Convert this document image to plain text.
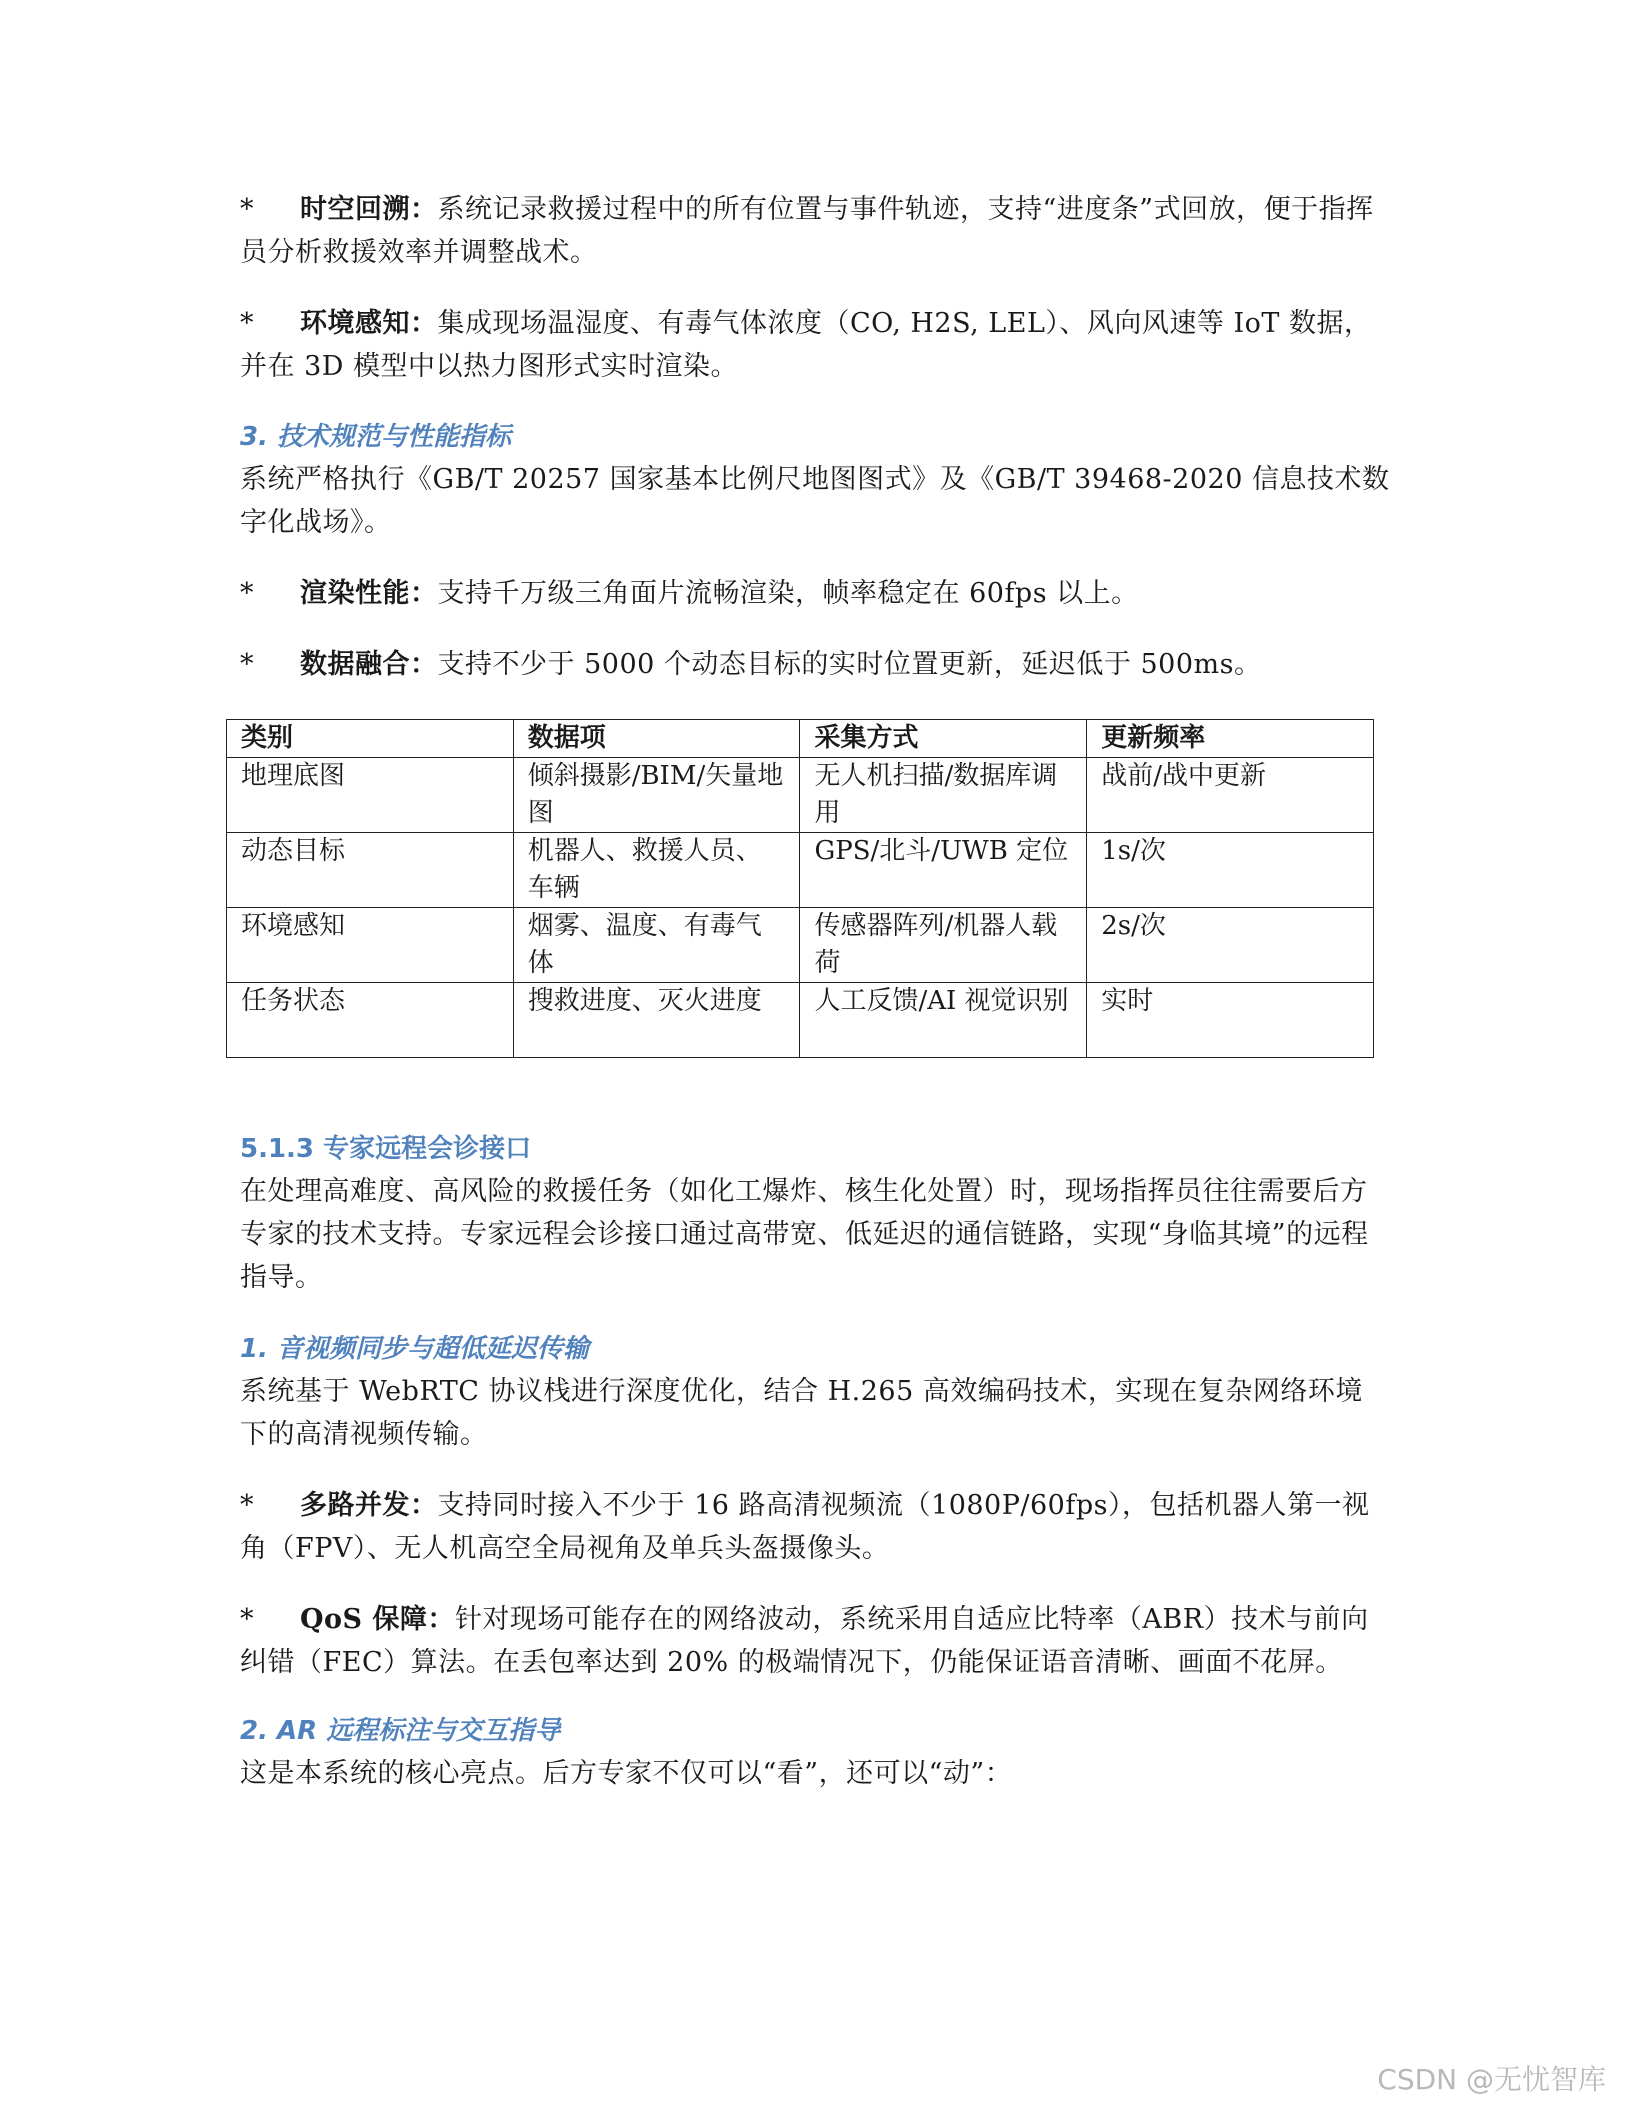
* 时空回溯：系统记录救援过程中的所有位置与事件轨迹，支持“进度条”式回放，便于指挥员分析救援效率并调整战术。

* 环境感知：集成现场温湿度、有毒气体浓度（CO, H2S, LEL）、风向风速等 IoT 数据，并在 3D 模型中以热力图形式实时渲染。

3. 技术规范与性能指标

系统严格执行《GB/T 20257 国家基本比例尺地图图式》及《GB/T 39468-2020 信息技术数字化战场》。

* 渲染性能：支持千万级三角面片流畅渲染，帧率稳定在 60fps 以上。

* 数据融合：支持不少于 5000 个动态目标的实时位置更新，延迟低于 500ms。

类别	数据项	采集方式	更新频率
地理底图	倾斜摄影/BIM/矢量地图	无人机扫描/数据库调用	战前/战中更新
动态目标	机器人、救援人员、车辆	GPS/北斗/UWB 定位	1s/次
环境感知	烟雾、温度、有毒气体	传感器阵列/机器人载荷	2s/次
任务状态	搜救进度、灭火进度	人工反馈/AI 视觉识别	实时

5.1.3 专家远程会诊接口

在处理高难度、高风险的救援任务（如化工爆炸、核生化处置）时，现场指挥员往往需要后方专家的技术支持。专家远程会诊接口通过高带宽、低延迟的通信链路，实现“身临其境”的远程指导。

1. 音视频同步与超低延迟传输

系统基于 WebRTC 协议栈进行深度优化，结合 H.265 高效编码技术，实现在复杂网络环境下的高清视频传输。

* 多路并发：支持同时接入不少于 16 路高清视频流（1080P/60fps），包括机器人第一视角（FPV）、无人机高空全局视角及单兵头盔摄像头。

* QoS 保障：针对现场可能存在的网络波动，系统采用自适应比特率（ABR）技术与前向纠错（FEC）算法。在丢包率达到 20% 的极端情况下，仍能保证语音清晰、画面不花屏。

2. AR 远程标注与交互指导

这是本系统的核心亮点。后方专家不仅可以“看”，还可以“动”：

CSDN @无忧智库
